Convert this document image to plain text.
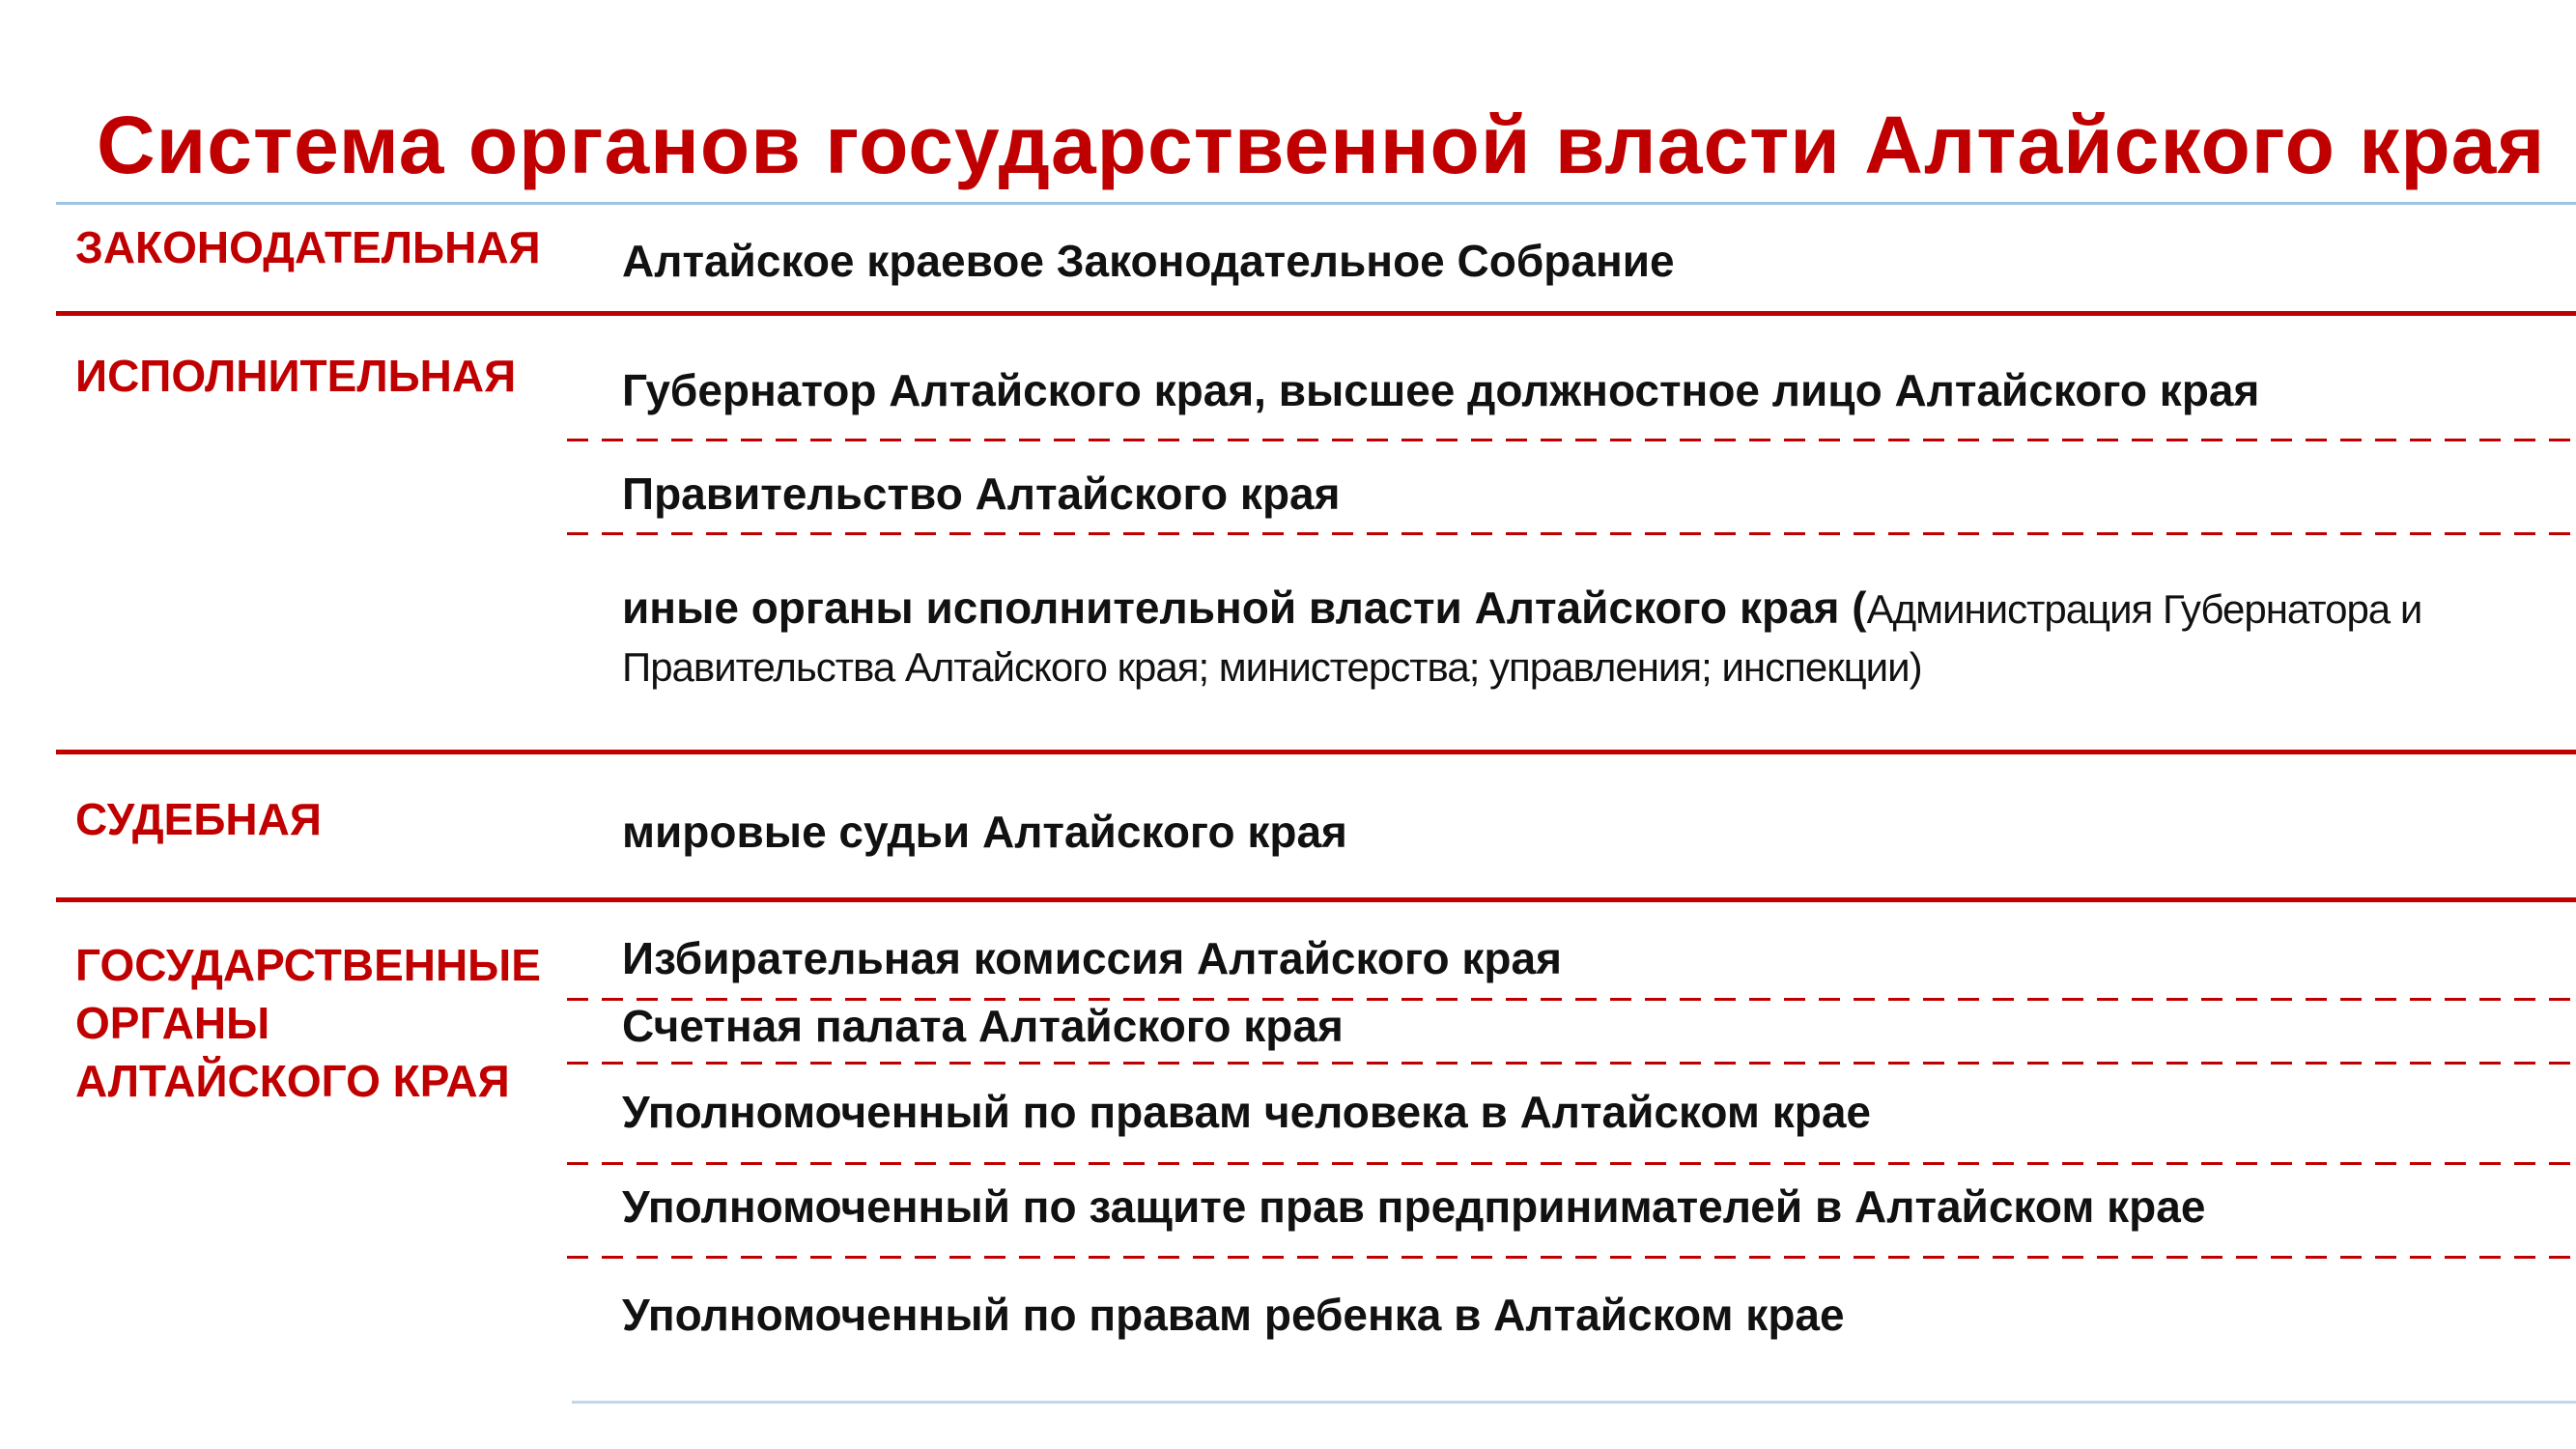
Система органов государственной власти Алтайского края
ЗАКОНОДАТЕЛЬНАЯ Алтайское краевое Законодательное Собрание
ИСПОЛНИТЕЛЬНАЯ Губернатор Алтайского края, высшее должностное лицо Алтайского края
Правительство Алтайского края
иные органы исполнительной власти Алтайского края (Администрация Губернатора и Правительства Алтайского края; министерства; управления; инспекции)
СУДЕБНАЯ	мировые судьи Алтайского края
ГОСУДАРСТВЕННЫЕ
ОРГАНЫ
АЛТАЙСКОГО КРАЯ
Избирательная комиссия Алтайского края
Счетная палата Алтайского края
Уполномоченный по правам человека в Алтайском крае
Уполномоченный по защите прав предпринимателей в Алтайском крае
Уполномоченный по правам ребенка в Алтайском крае
